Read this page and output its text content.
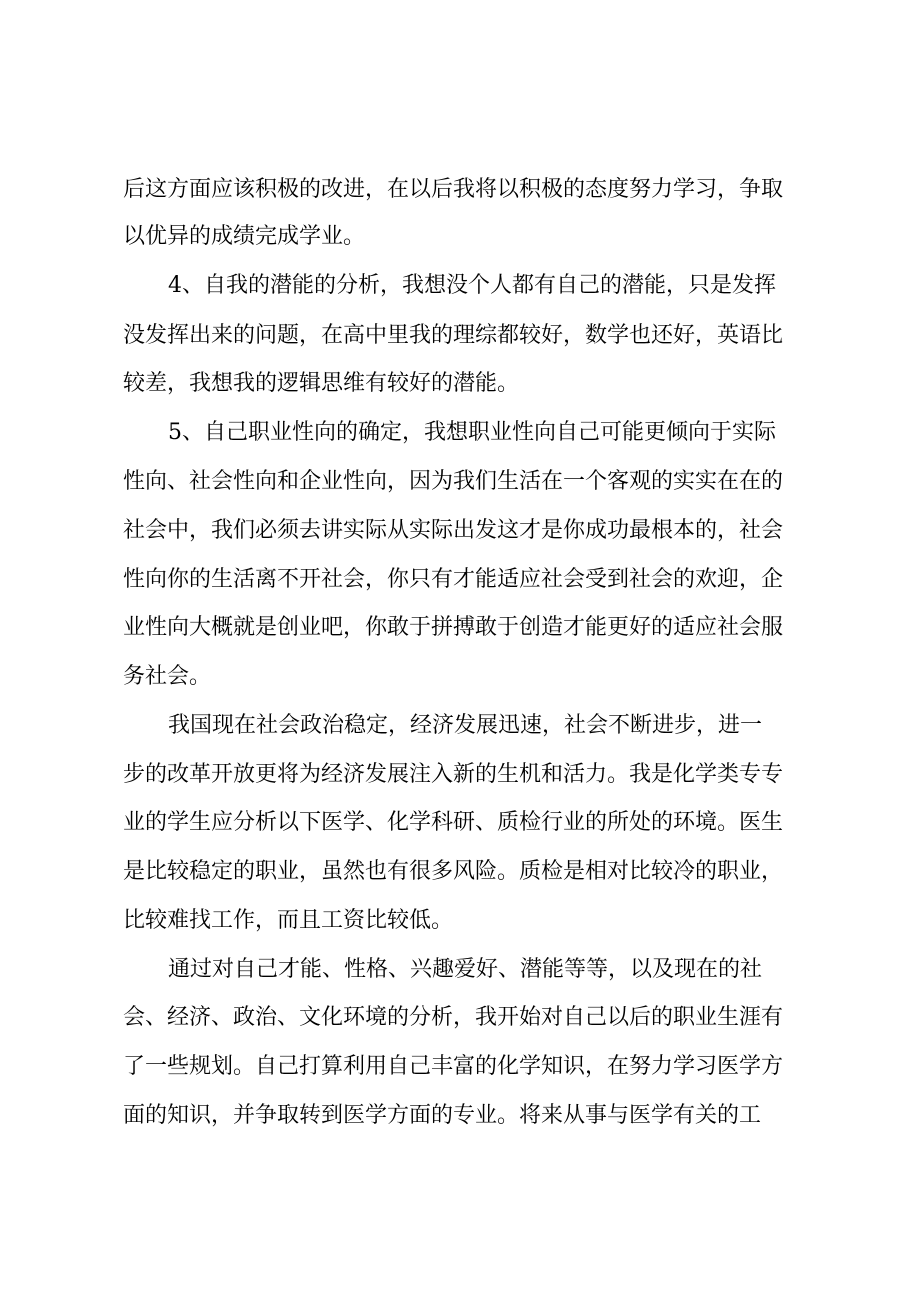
后这方面应该积极的改进，在以后我将以积极的态度努力学习，争取
以优异的成绩完成学业。
4、自我的潜能的分析，我想没个人都有自己的潜能，只是发挥
没发挥出来的问题，在高中里我的理综都较好，数学也还好，英语比
较差，我想我的逻辑思维有较好的潜能。
5、自己职业性向的确定，我想职业性向自己可能更倾向于实际
性向、社会性向和企业性向，因为我们生活在一个客观的实实在在的
社会中，我们必须去讲实际从实际出发这才是你成功最根本的，社会
性向你的生活离不开社会，你只有才能适应社会受到社会的欢迎，企
业性向大概就是创业吧，你敢于拼搏敢于创造才能更好的适应社会服
务社会。
我国现在社会政治稳定，经济发展迅速，社会不断进步，进一
步的改革开放更将为经济发展注入新的生机和活力。我是化学类专专
业的学生应分析以下医学、化学科研、质检行业的所处的环境。医生
是比较稳定的职业，虽然也有很多风险。质检是相对比较冷的职业，
比较难找工作，而且工资比较低。
通过对自己才能、性格、兴趣爱好、潜能等等，以及现在的社
会、经济、政治、文化环境的分析，我开始对自己以后的职业生涯有
了一些规划。自己打算利用自己丰富的化学知识，在努力学习医学方
面的知识，并争取转到医学方面的专业。将来从事与医学有关的工
